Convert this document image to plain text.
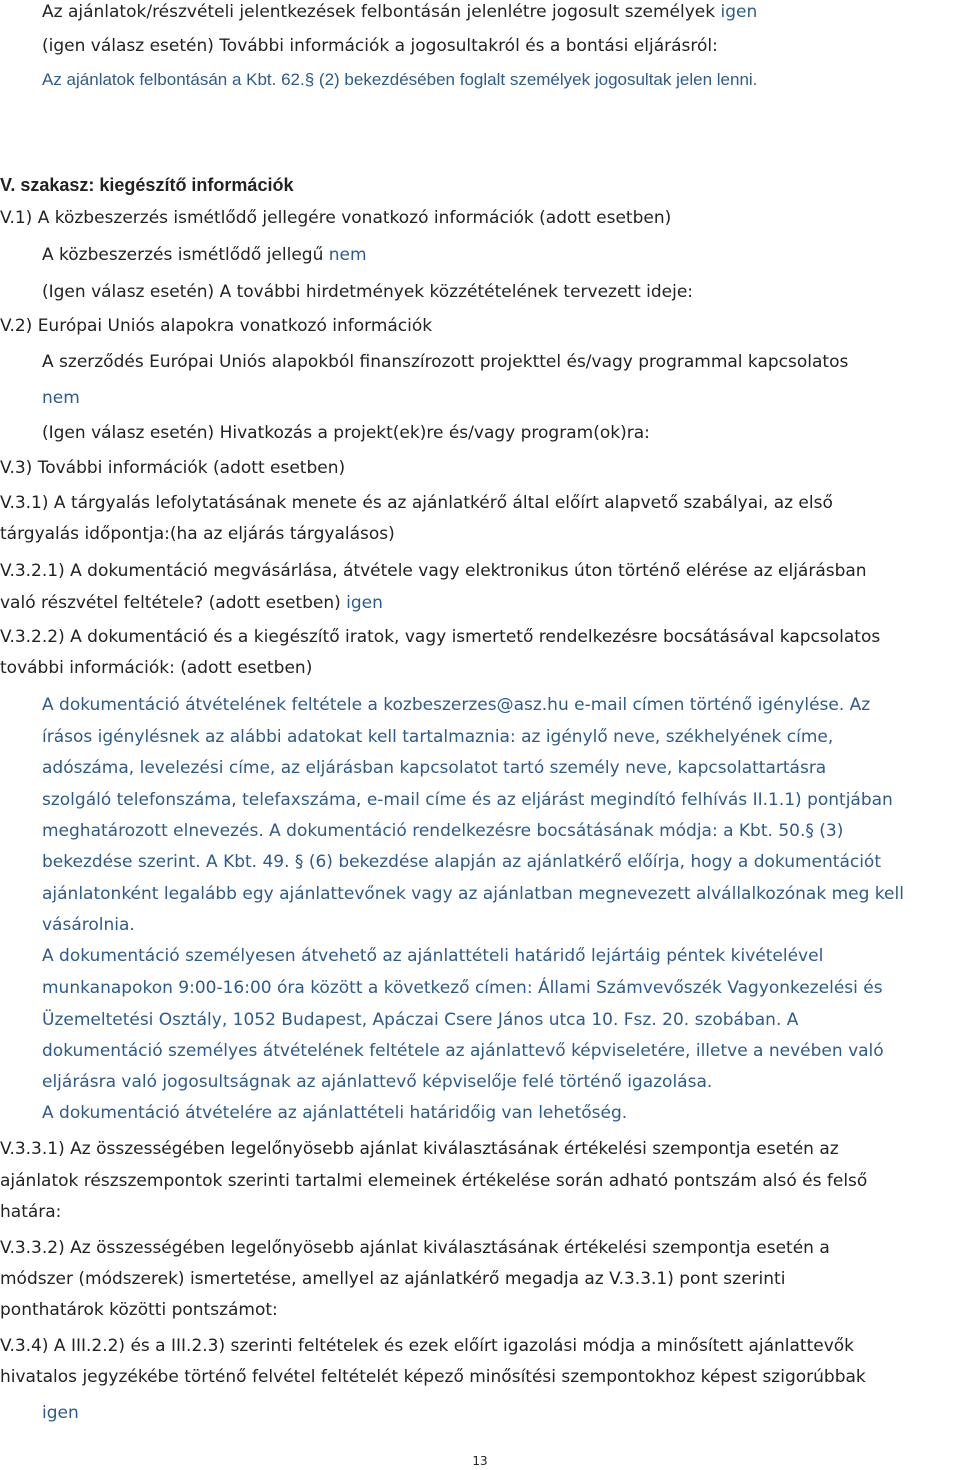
Az ajánlatok/részvételi jelentkezések felbontásán jelenlétre jogosult személyek igen
(igen válasz esetén) További információk a jogosultakról és a bontási eljárásról:
Az ajánlatok felbontásán a Kbt. 62.§ (2) bekezdésében foglalt személyek jogosultak jelen lenni.
V. szakasz: kiegészítő információk
V.1) A közbeszerzés ismétlődő jellegére vonatkozó információk (adott esetben)
A közbeszerzés ismétlődő jellegű nem
(Igen válasz esetén) A további hirdetmények közzétételének tervezett ideje:
V.2) Európai Uniós alapokra vonatkozó információk
A szerződés Európai Uniós alapokból finanszírozott projekttel és/vagy programmal kapcsolatos
nem
(Igen válasz esetén) Hivatkozás a projekt(ek)re és/vagy program(ok)ra:
V.3) További információk (adott esetben)
V.3.1) A tárgyalás lefolytatásának menete és az ajánlatkérő által előírt alapvető szabályai, az első
tárgyalás időpontja:(ha az eljárás tárgyalásos)
V.3.2.1) A dokumentáció megvásárlása, átvétele vagy elektronikus úton történő elérése az eljárásban
való részvétel feltétele? (adott esetben) igen
V.3.2.2) A dokumentáció és a kiegészítő iratok, vagy ismertető rendelkezésre bocsátásával kapcsolatos
további információk: (adott esetben)
A dokumentáció átvételének feltétele a kozbeszerzes@asz.hu e-mail címen történő igénylése. Az
írásos igénylésnek az alábbi adatokat kell tartalmaznia: az igénylő neve, székhelyének címe,
adószáma, levelezési címe, az eljárásban kapcsolatot tartó személy neve, kapcsolattartásra
szolgáló telefonszáma, telefaxszáma, e-mail címe és az eljárást megindító felhívás II.1.1) pontjában
meghatározott elnevezés. A dokumentáció rendelkezésre bocsátásának módja: a Kbt. 50.§ (3)
bekezdése szerint. A Kbt. 49. § (6) bekezdése alapján az ajánlatkérő előírja, hogy a dokumentációt
ajánlatonként legalább egy ajánlattevőnek vagy az ajánlatban megnevezett alvállalkozónak meg kell
vásárolnia.
A dokumentáció személyesen átvehető az ajánlattételi határidő lejártáig péntek kivételével
munkanapokon 9:00-16:00 óra között a következő címen: Állami Számvevőszék Vagyonkezelési és
Üzemeltetési Osztály, 1052 Budapest, Apáczai Csere János utca 10. Fsz. 20. szobában. A
dokumentáció személyes átvételének feltétele az ajánlattevő képviseletére, illetve a nevében való
eljárásra való jogosultságnak az ajánlattevő képviselője felé történő igazolása.
A dokumentáció átvételére az ajánlattételi határidőig van lehetőség.
V.3.3.1) Az összességében legelőnyösebb ajánlat kiválasztásának értékelési szempontja esetén az
ajánlatok részszempontok szerinti tartalmi elemeinek értékelése során adható pontszám alsó és felső
határa:
V.3.3.2) Az összességében legelőnyösebb ajánlat kiválasztásának értékelési szempontja esetén a
módszer (módszerek) ismertetése, amellyel az ajánlatkérő megadja az V.3.3.1) pont szerinti
ponthatárok közötti pontszámot:
V.3.4) A III.2.2) és a III.2.3) szerinti feltételek és ezek előírt igazolási módja a minősített ajánlattevők
hivatalos jegyzékébe történő felvétel feltételét képező minősítési szempontokhoz képest szigorúbbak
igen
13
